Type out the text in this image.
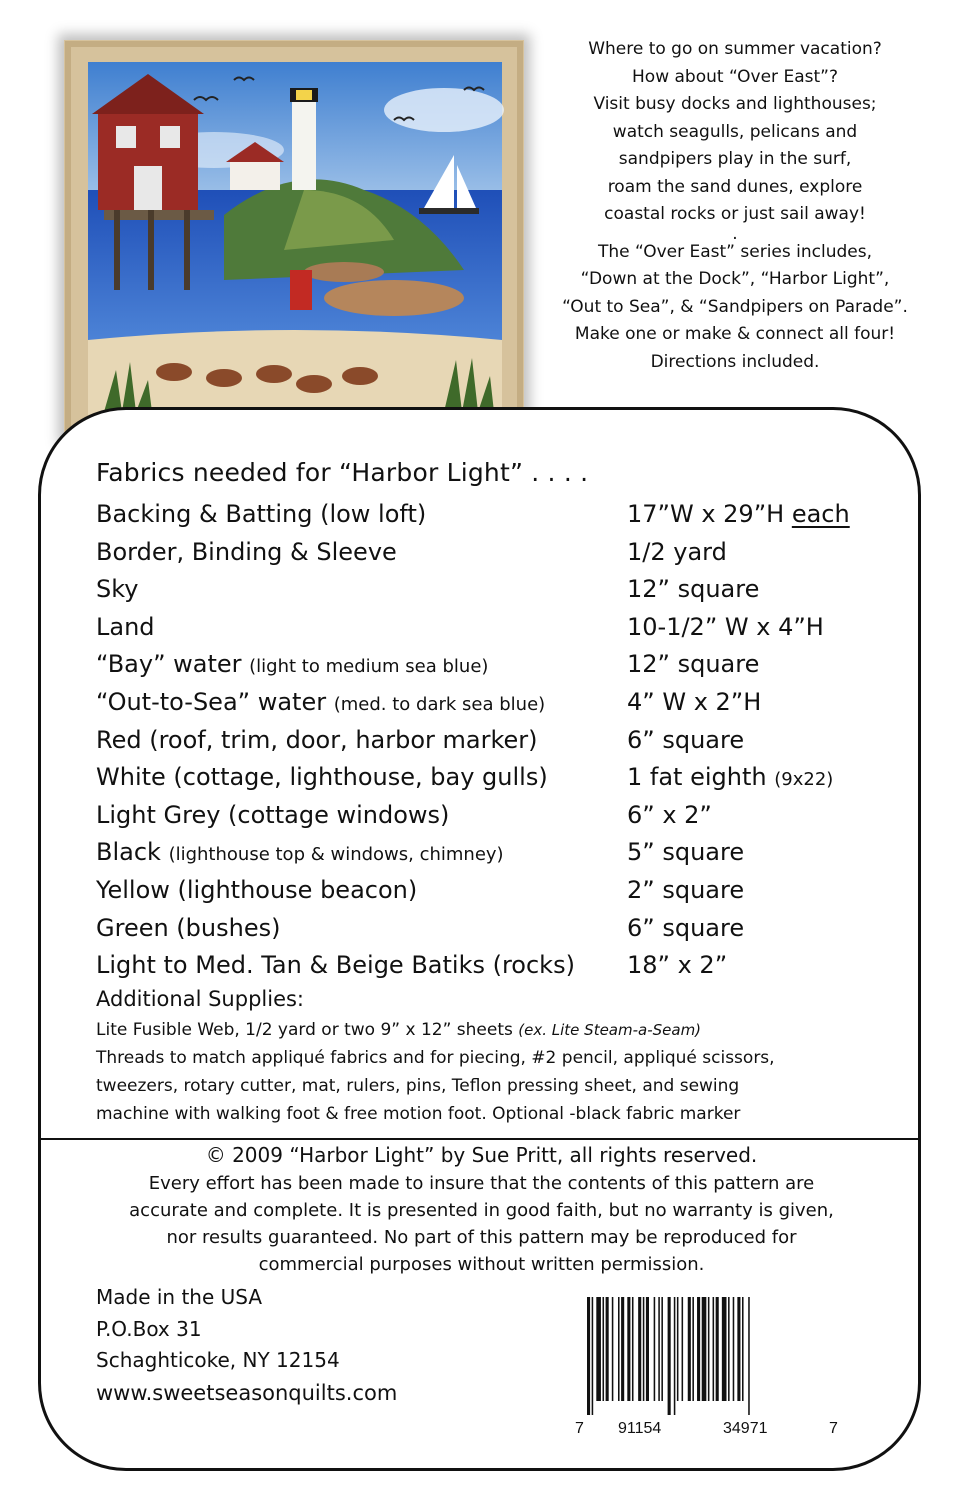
Where to go on summer vacation?

How about “Over East”?

Visit busy docks and lighthouses;

watch seagulls, pelicans and

sandpipers play in the surf,

roam the sand dunes, explore

coastal rocks or just sail away!

.

The “Over East” series includes,

“Down at the Dock”, “Harbor Light”,

“Out to Sea”, & “Sandpipers on Parade”.

Make one or make & connect all four!

Directions included.

Fabrics needed for “Harbor Light” . . . .
Backing & Batting (low loft)	17”W x 29”H each
Border, Binding & Sleeve	1/2 yard
Sky	12” square
Land	10-1/2” W x 4”H
“Bay” water (light to medium sea blue)	12” square
“Out-to-Sea” water (med. to dark sea blue)	4” W x 2”H
Red (roof, trim, door, harbor marker)	6” square
White (cottage, lighthouse, bay gulls)	1 fat eighth (9x22)
Light Grey (cottage windows)	6” x 2”
Black (lighthouse top & windows, chimney)	5” square
Yellow (lighthouse beacon)	2” square
Green (bushes)	6” square
Light to Med. Tan & Beige Batiks (rocks) 18” x 2”
Additional Supplies:
Lite Fusible Web, 1/2 yard or two 9” x 12” sheets (ex. Lite Steam-a-Seam)
Threads to match appliqué fabrics and for piecing, #2 pencil, appliqué scissors,
tweezers, rotary cutter, mat, rulers, pins, Teflon pressing sheet, and sewing
machine with walking foot & free motion foot. Optional -black fabric marker
© 2009 “Harbor Light” by Sue Pritt, all rights reserved.
Every effort has been made to insure that the contents of this pattern are
accurate and complete. It is presented in good faith, but no warranty is given,
nor results guaranteed. No part of this pattern may be reproduced for
commercial purposes without written permission.
Made in the USA
P.O.Box 31
Schaghticoke, NY 12154
www.sweetseasonquilts.com
7 91154	34971	7
